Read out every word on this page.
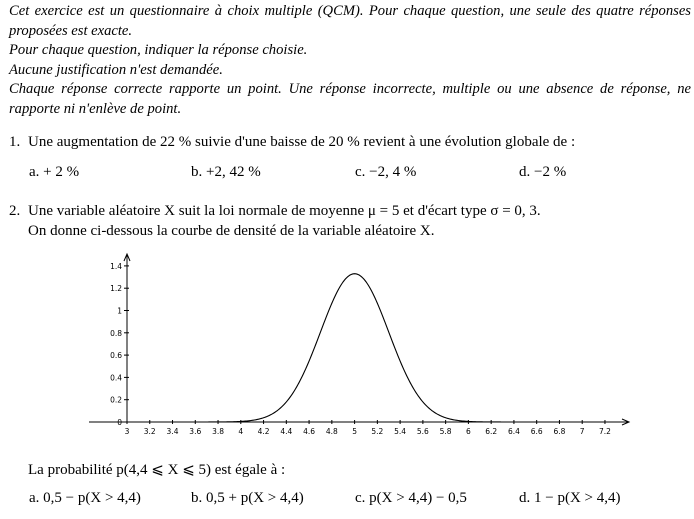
Cet exercice est un questionnaire à choix multiple (QCM). Pour chaque question, une seule des quatre réponses proposées est exacte.

Pour chaque question, indiquer la réponse choisie.

Aucune justification n'est demandée.

Chaque réponse correcte rapporte un point. Une réponse incorrecte, multiple ou une absence de réponse, ne rapporte ni n'enlève de point.

1. Une augmentation de 22 % suivie d'une baisse de 20 % revient à une évolution globale de :
a. + 2 %	b. +2, 42 %	c. −2, 4 %	d. −2 %
2. Une variable aléatoire X suit la loi normale de moyenne μ = 5 et d'écart type σ = 0, 3.
On donne ci-dessous la courbe de densité de la variable aléatoire X.
3 3.2 3.4 3.6 3.8 4 4.2 4.4 4.6 4.8 5 5.2 5.4 5.6 5.8 6 6.2 6.4 6.6 6.8 7 7.2
0
0.2
0.4
0.6
0.8
1
1.2
1.4
La probabilité p(4,4 ⩽ X ⩽ 5) est égale à :
a. 0,5 − p(X > 4,4)	b. 0,5 + p(X > 4,4)	c. p(X > 4,4) − 0,5	d. 1 − p(X > 4,4)
